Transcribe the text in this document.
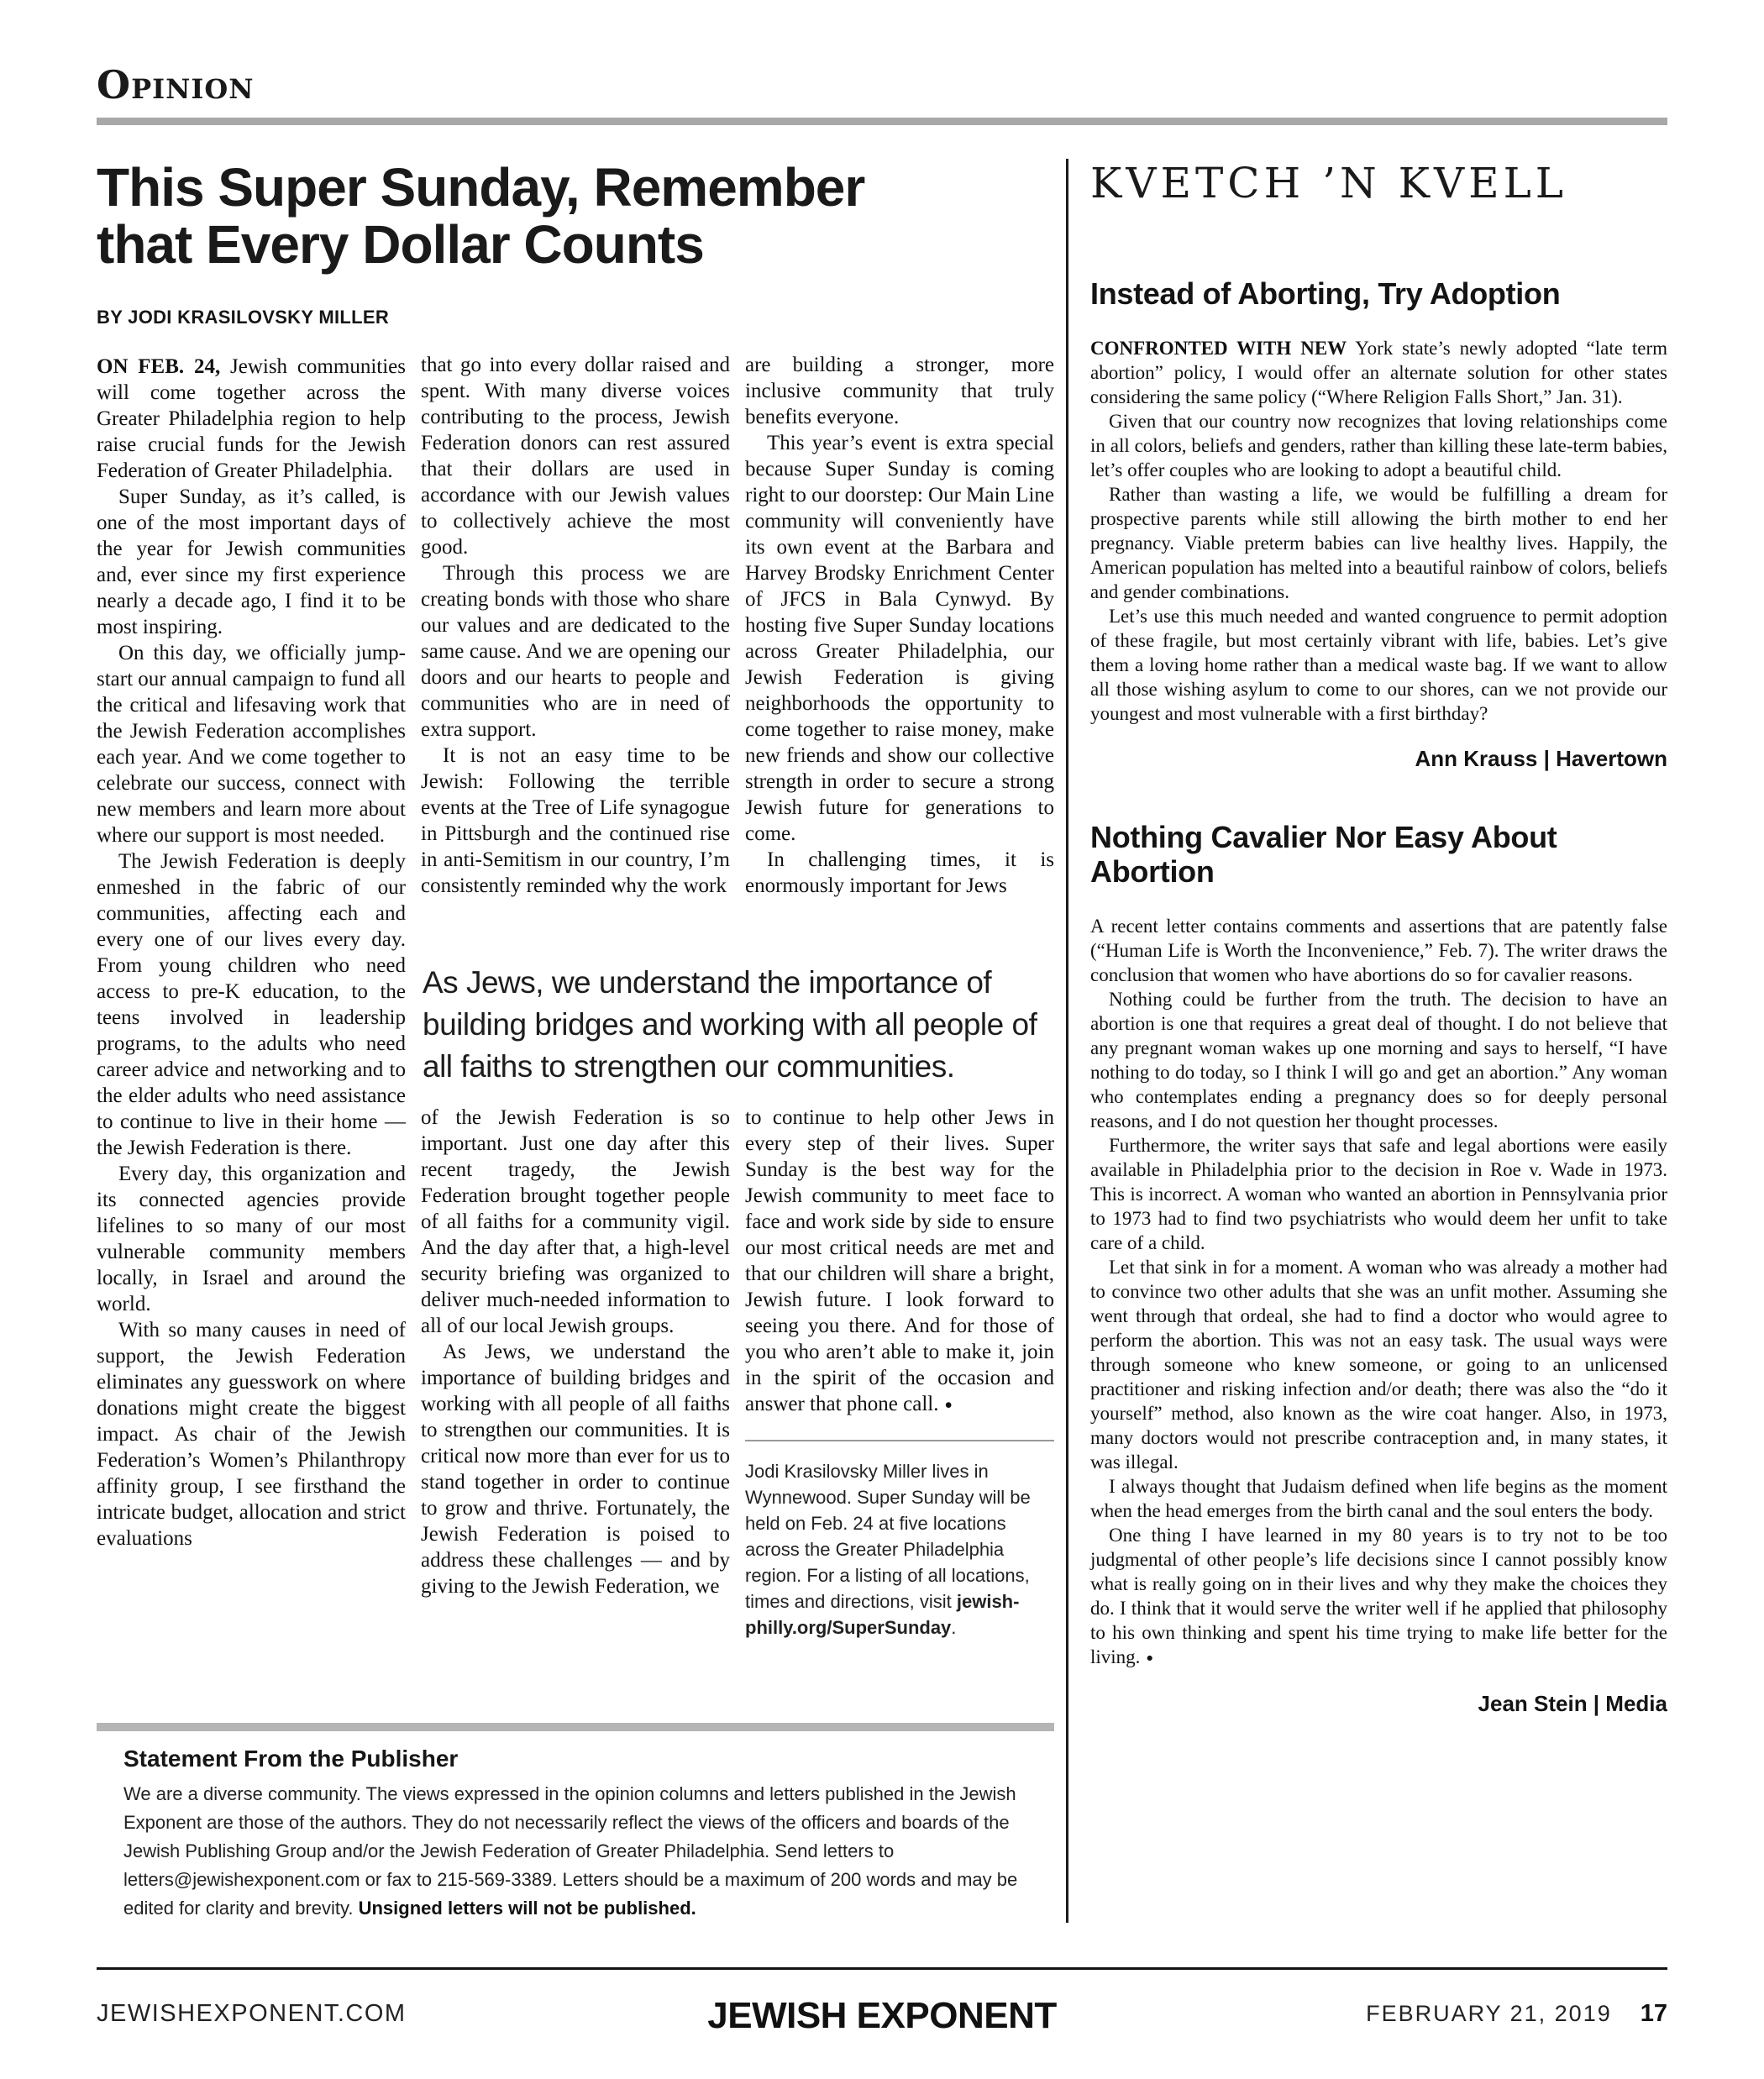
Opinion
This Super Sunday, Remember
that Every Dollar Counts
BY JODI KRASILOVSKY MILLER

ON FEB. 24, Jewish communities will come together across the Greater Philadelphia region to help raise crucial funds for the Jewish Federation of Greater Philadelphia.

Super Sunday, as it’s called, is one of the most important days of the year for Jewish communities and, ever since my first experience nearly a decade ago, I find it to be most inspiring.

On this day, we officially jump-start our annual campaign to fund all the critical and lifesaving work that the Jewish Federation accomplishes each year. And we come together to celebrate our success, connect with new members and learn more about where our support is most needed.

The Jewish Federation is deeply enmeshed in the fabric of our communities, affecting each and every one of our lives every day. From young children who need access to pre-K education, to the teens involved in leadership programs, to the adults who need career advice and networking and to the elder adults who need assistance to continue to live in their home — the Jewish Federation is there.

Every day, this organization and its connected agencies provide lifelines to so many of our most vulnerable community members locally, in Israel and around the world.

With so many causes in need of support, the Jewish Federation eliminates any guesswork on where donations might create the biggest impact. As chair of the Jewish Federation’s Women’s Philanthropy affinity group, I see firsthand the intricate budget, allocation and strict evaluations

that go into every dollar raised and spent. With many diverse voices contributing to the process, Jewish Federation donors can rest assured that their dollars are used in accordance with our Jewish values to collectively achieve the most good.

Through this process we are creating bonds with those who share our values and are dedicated to the same cause. And we are opening our doors and our hearts to people and communities who are in need of extra support.

It is not an easy time to be Jewish: Following the terrible events at the Tree of Life synagogue in Pittsburgh and the continued rise in anti-Semitism in our country, I’m consistently reminded why the work

are building a stronger, more inclusive community that truly benefits everyone.

This year’s event is extra special because Super Sunday is coming right to our doorstep: Our Main Line community will conveniently have its own event at the Barbara and Harvey Brodsky Enrichment Center of JFCS in Bala Cynwyd. By hosting five Super Sunday locations across Greater Philadelphia, our Jewish Federation is giving neighborhoods the opportunity to come together to raise money, make new friends and show our collective strength in order to secure a strong Jewish future for generations to come.

In challenging times, it is enormously important for Jews

As Jews, we understand the importance of building bridges and working with all people of all faiths to strengthen our communities.

of the Jewish Federation is so important. Just one day after this recent tragedy, the Jewish Federation brought together people of all faiths for a community vigil. And the day after that, a high-level security briefing was organized to deliver much-needed information to all of our local Jewish groups.

As Jews, we understand the importance of building bridges and working with all people of all faiths to strengthen our communities. It is critical now more than ever for us to stand together in order to continue to grow and thrive. Fortunately, the Jewish Federation is poised to address these challenges — and by giving to the Jewish Federation, we

to continue to help other Jews in every step of their lives. Super Sunday is the best way for the Jewish community to meet face to face and work side by side to ensure our most critical needs are met and that our children will share a bright, Jewish future. I look forward to seeing you there. And for those of you who aren’t able to make it, join in the spirit of the occasion and answer that phone call. ●

Jodi Krasilovsky Miller lives in Wynnewood. Super Sunday will be held on Feb. 24 at five locations across the Greater Philadelphia region. For a listing of all locations, times and directions, visit jewish-philly.org/SuperSunday.

Statement From the Publisher

We are a diverse community. The views expressed in the opinion columns and letters published in the Jewish Exponent are those of the authors. They do not necessarily reflect the views of the officers and boards of the Jewish Publishing Group and/or the Jewish Federation of Greater Philadelphia. Send letters to letters@jewishexponent.com or fax to 215-569-3389. Letters should be a maximum of 200 words and may be edited for clarity and brevity. Unsigned letters will not be published.

KVETCH ’N KVELL
Instead of Aborting, Try Adoption

CONFRONTED WITH NEW York state’s newly adopted “late term abortion” policy, I would offer an alternate solution for other states considering the same policy (“Where Religion Falls Short,” Jan. 31).

Given that our country now recognizes that loving relationships come in all colors, beliefs and genders, rather than killing these late-term babies, let’s offer couples who are looking to adopt a beautiful child.

Rather than wasting a life, we would be fulfilling a dream for prospective parents while still allowing the birth mother to end her pregnancy. Viable preterm babies can live healthy lives. Happily, the American population has melted into a beautiful rainbow of colors, beliefs and gender combinations.

Let’s use this much needed and wanted congruence to permit adoption of these fragile, but most certainly vibrant with life, babies. Let’s give them a loving home rather than a medical waste bag. If we want to allow all those wishing asylum to come to our shores, can we not provide our youngest and most vulnerable with a first birthday?

Ann Krauss | Havertown
Nothing Cavalier Nor Easy About Abortion

A recent letter contains comments and assertions that are patently false (“Human Life is Worth the Inconvenience,” Feb. 7). The writer draws the conclusion that women who have abortions do so for cavalier reasons.

Nothing could be further from the truth. The decision to have an abortion is one that requires a great deal of thought. I do not believe that any pregnant woman wakes up one morning and says to herself, “I have nothing to do today, so I think I will go and get an abortion.” Any woman who contemplates ending a pregnancy does so for deeply personal reasons, and I do not question her thought processes.

Furthermore, the writer says that safe and legal abortions were easily available in Philadelphia prior to the decision in Roe v. Wade in 1973. This is incorrect. A woman who wanted an abortion in Pennsylvania prior to 1973 had to find two psychiatrists who would deem her unfit to take care of a child.

Let that sink in for a moment. A woman who was already a mother had to convince two other adults that she was an unfit mother. Assuming she went through that ordeal, she had to find a doctor who would agree to perform the abortion. This was not an easy task. The usual ways were through someone who knew someone, or going to an unlicensed practitioner and risking infection and/or death; there was also the “do it yourself” method, also known as the wire coat hanger. Also, in 1973, many doctors would not prescribe contraception and, in many states, it was illegal.

I always thought that Judaism defined when life begins as the moment when the head emerges from the birth canal and the soul enters the body.

One thing I have learned in my 80 years is to try not to be too judgmental of other people’s life decisions since I cannot possibly know what is really going on in their lives and why they make the choices they do. I think that it would serve the writer well if he applied that philosophy to his own thinking and spent his time trying to make life better for the living. ●

Jean Stein | Media
JEWISHEXPONENT.COM	JEWISH EXPONENT	FEBRUARY 21, 2019 17
